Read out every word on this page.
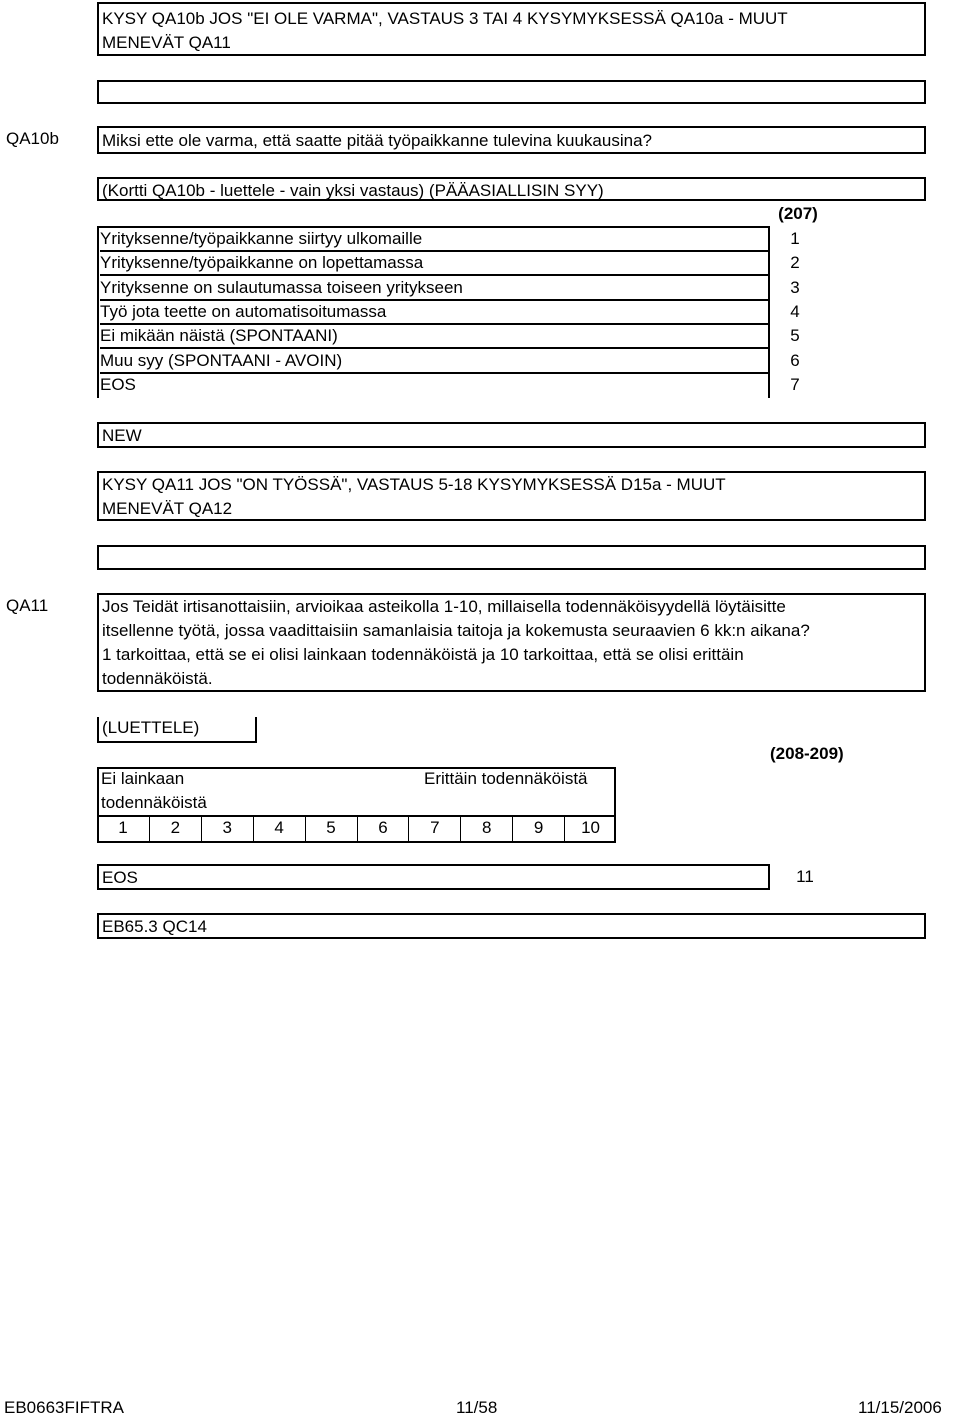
KYSY QA10b JOS "EI OLE VARMA", VASTAUS 3 TAI 4 KYSYMYKSESSÄ QA10a - MUUT
MENEVÄT QA11
QA10b	Miksi ette ole varma, että saatte pitää työpaikkanne tulevina kuukausina?
(Kortti QA10b - luettele - vain yksi vastaus) (PÄÄASIALLISIN SYY)
(207)
Yrityksenne/työpaikkanne siirtyy ulkomaille	1
Yrityksenne/työpaikkanne on lopettamassa	2
Yrityksenne on sulautumassa toiseen yritykseen	3
Työ jota teette on automatisoitumassa	4
Ei mikään näistä (SPONTAANI)	5
Muu syy (SPONTAANI - AVOIN)	6
EOS	7
NEW
KYSY QA11 JOS "ON TYÖSSÄ", VASTAUS 5-18 KYSYMYKSESSÄ D15a - MUUT
MENEVÄT QA12
QA11	Jos Teidät irtisanottaisiin, arvioikaa asteikolla 1-10, millaisella todennäköisyydellä löytäisitte
itsellenne työtä, jossa vaadittaisiin samanlaisia taitoja ja kokemusta seuraavien 6 kk:n aikana?
1 tarkoittaa, että se ei olisi lainkaan todennäköistä ja 10 tarkoittaa, että se olisi erittäin
todennäköistä.
(LUETTELE)
(208-209)
Ei lainkaan
todennäköistä
Erittäin todennäköistä
1	2	3	4	5	6	7	8	9	10
EOS	11
EB65.3 QC14
EB0663FIFTRA	11/58	11/15/2006
